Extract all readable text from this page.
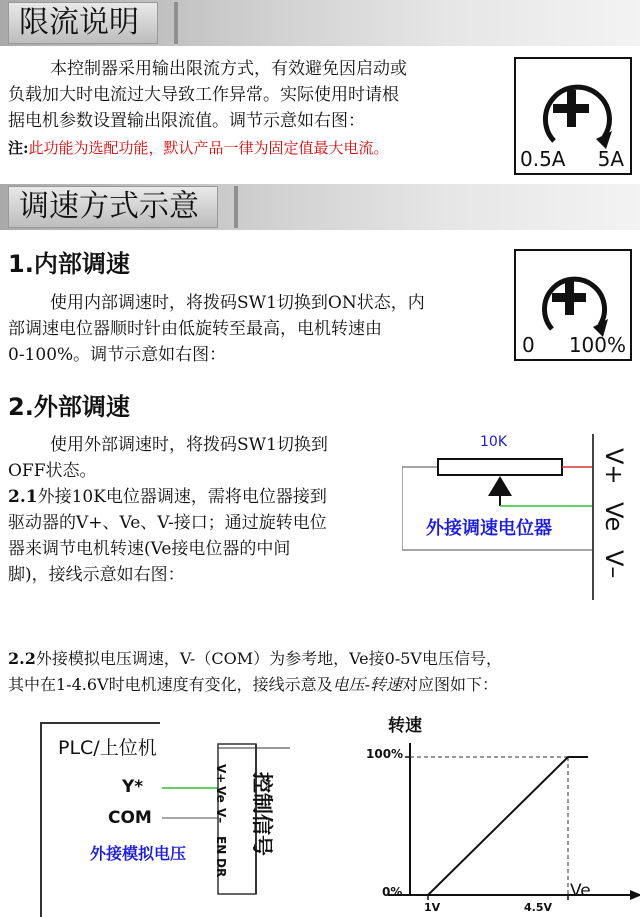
限流说明
本控制器采用输出限流方式，有效避免因启动或
负载加大时电流过大导致工作异常。实际使用时请根
据电机参数设置输出限流值。调节示意如右图：
注:此功能为选配功能，默认产品一律为固定值最大电流。	0.5A 5A
调速方式示意
1.内部调速
使用内部调速时，将拨码SW1切换到ON状态，内
部调速电位器顺时针由低旋转至最高，电机转速由
0-100%。调节示意如右图：	0 100%
2.外部调速
使用外部调速时，将拨码SW1切换到
OFF状态。
2.1外接10K电位器调速，需将电位器接到
驱动器的V+、Ve、V-接口；通过旋转电位
器来调节电机转速(Ve接电位器的中间
脚)，接线示意如右图：
10K
外接调速电位器
V+
Ve
V–
2.2外接模拟电压调速，V-（COM）为参考地，Ve接0-5V电压信号，
其中在1-4.6V时电机速度有变化，接线示意及电压-转速对应图如下：
PLC/上位机
Y*
COM
外接模拟电压
V+
Ve
V–
EN
DR
控制信号
转速
Ve
100%
0%
1V	4.5V
